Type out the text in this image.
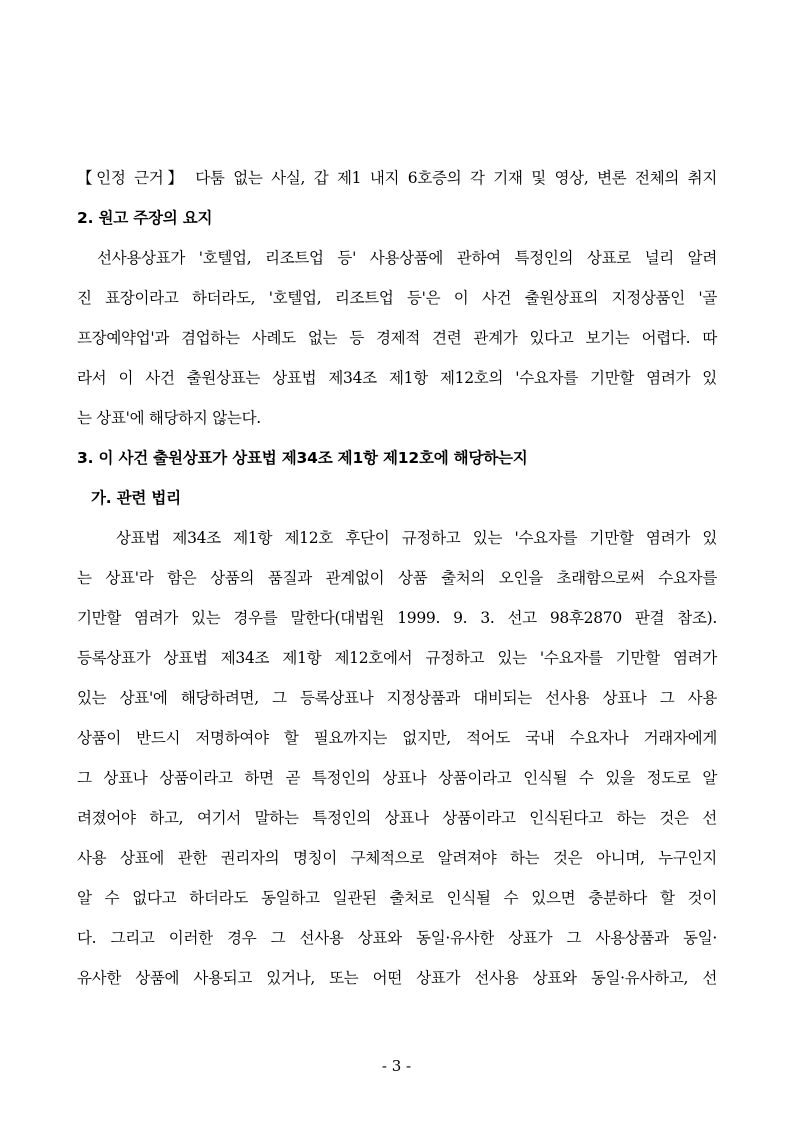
【인정 근거】 다툼 없는 사실, 갑 제1 내지 6호증의 각 기재 및 영상, 변론 전체의 취지
2. 원고 주장의 요지
선사용상표가 '호텔업, 리조트업 등' 사용상품에 관하여 특정인의 상표로 널리 알려
진 표장이라고 하더라도, '호텔업, 리조트업 등'은 이 사건 출원상표의 지정상품인 '골
프장예약업'과 겸업하는 사례도 없는 등 경제적 견련 관계가 있다고 보기는 어렵다. 따
라서 이 사건 출원상표는 상표법 제34조 제1항 제12호의 '수요자를 기만할 염려가 있
는 상표'에 해당하지 않는다.
3. 이 사건 출원상표가 상표법 제34조 제1항 제12호에 해당하는지
가. 관련 법리
상표법 제34조 제1항 제12호 후단이 규정하고 있는 '수요자를 기만할 염려가 있
는 상표'라 함은 상품의 품질과 관계없이 상품 출처의 오인을 초래함으로써 수요자를
기만할 염려가 있는 경우를 말한다(대법원 1999. 9. 3. 선고 98후2870 판결 참조).
등록상표가 상표법 제34조 제1항 제12호에서 규정하고 있는 '수요자를 기만할 염려가
있는 상표'에 해당하려면, 그 등록상표나 지정상품과 대비되는 선사용 상표나 그 사용
상품이 반드시 저명하여야 할 필요까지는 없지만, 적어도 국내 수요자나 거래자에게
그 상표나 상품이라고 하면 곧 특정인의 상표나 상품이라고 인식될 수 있을 정도로 알
려졌어야 하고, 여기서 말하는 특정인의 상표나 상품이라고 인식된다고 하는 것은 선
사용 상표에 관한 권리자의 명칭이 구체적으로 알려져야 하는 것은 아니며, 누구인지
알 수 없다고 하더라도 동일하고 일관된 출처로 인식될 수 있으면 충분하다 할 것이
다. 그리고 이러한 경우 그 선사용 상표와 동일·유사한 상표가 그 사용상품과 동일·
유사한 상품에 사용되고 있거나, 또는 어떤 상표가 선사용 상표와 동일·유사하고, 선
- 3 -
